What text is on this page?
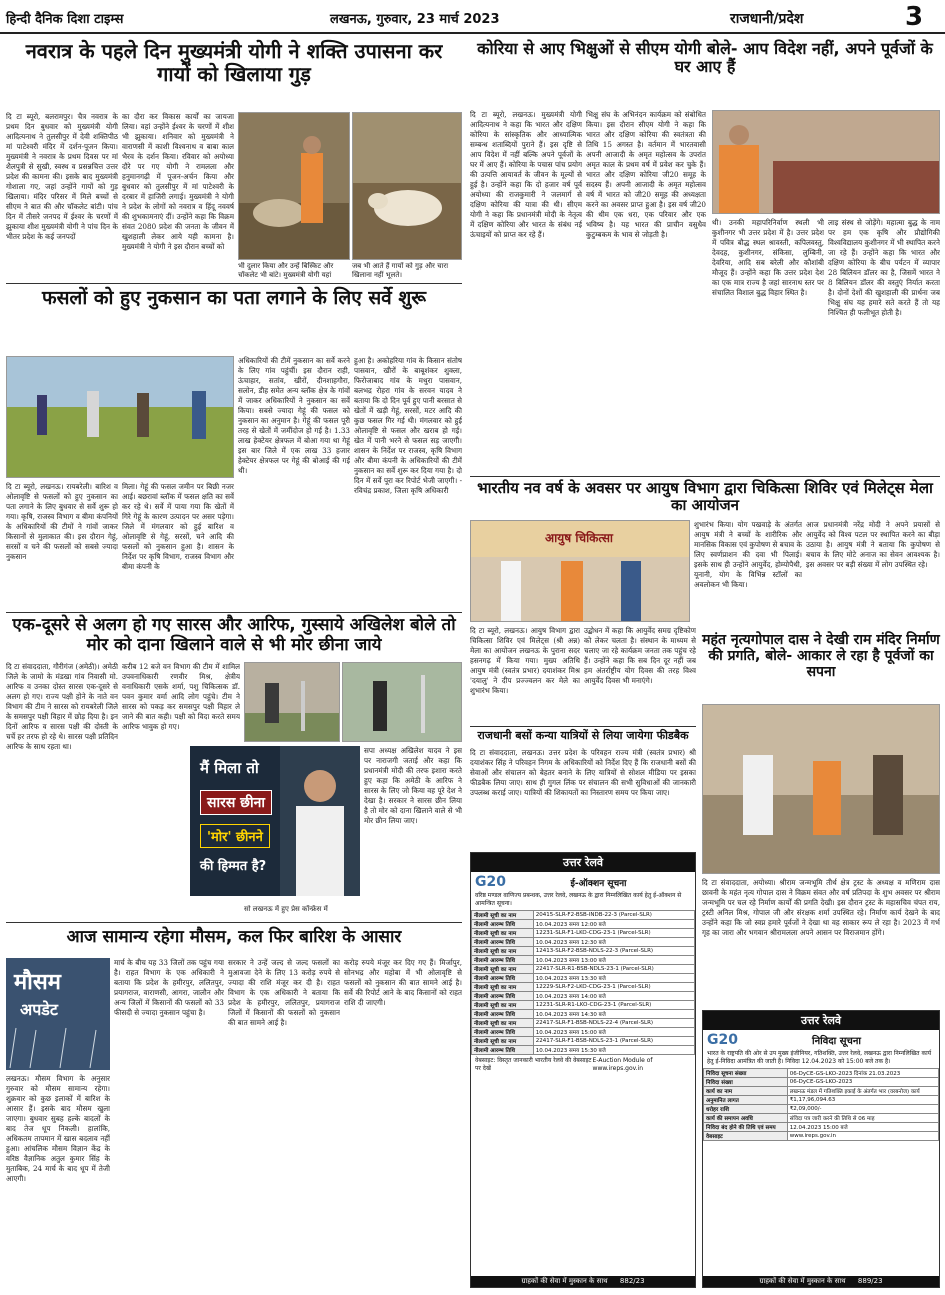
हिन्दी दैनिक दिशा टाइम्स	लखनऊ, गुरुवार, 23 मार्च 2023	राजधानी/प्रदेश	3
नवरात्र के पहले दिन मुख्यमंत्री योगी ने शक्ति उपासना कर गायों को खिलाया गुड़
दि टा ब्यूरो, बलरामपुर। चैत्र नवरात्र के प्रथम दिन बुधवार को मुख्यमंत्री योगी आदित्यनाथ ने तुलसीपुर में देवी शक्तिपीठ मां पाटेश्वरी मंदिर में दर्शन-पूजन किया। मुख्यमंत्री ने नवरात्र के प्रथम दिवस पर मां शैलपुत्री से सुखी, स्वस्थ व प्रसन्नचित्त उत्तर प्रदेश की कामना की। इसके बाद मुख्यमंत्री गोशाला गए, जहां उन्होंने गायों को गुड़ खिलाया। मंदिर परिसर में मिले बच्चों से सीएम ने बात की और चॉकलेट बांटी। पांच दिन में तीसरे जनपद में ईश्वर के चरणों में झुकाया शीश मुख्यमंत्री योगी ने पांच दिन के भीतर प्रदेश के कई जनपदों
का दौरा कर विकास कार्यों का जायजा लिया। वहां उन्होंने ईश्वर के चरणों में शीश भी झुकाया। शनिवार को मुख्यमंत्री ने वाराणसी में काशी विश्वनाथ व बाबा काल भैरव के दर्शन किया। रविवार को अयोध्या दौरे पर गए योगी ने रामलला और हनुमानगढ़ी में पूजन-अर्चन किया और बुधवार को तुलसीपुर में मां पाटेश्वरी के दरबार में हाजिरी लगाई। मुख्यमंत्री ने योगी ने प्रदेश के लोगों को नवरात्र व हिंदू नववर्ष की शुभकामनाएं दीं। उन्होंने कहा कि विक्रम संवत 2080 प्रदेश की जनता के जीवन में खुशहाली लेकर आये यही कामना है। मुख्यमंत्री ने योगी ने इस दौरान बच्चों को
भी दुलार किया और उन्हें बिस्किट और चॉकलेट भी बांटे। मुख्यमंत्री योगी यहां
जब भी आते हैं गायों को गुड़ और चारा खिलाना नहीं भूलते।
फसलों को हुए नुकसान का पता लगाने के लिए सर्वे शुरू
दि टा ब्यूरो, लखनऊ। रायबरेली। बारिश व ओलावृष्टि से फसलों को हुए नुकसान का पता लगाने के लिए बुधवार से सर्वे शुरू हो गया। कृषि, राजस्व विभाग व बीमा कंपनियों के अधिकारियों की टीमों ने गांवों जाकर किसानों से मुलाकात की। इस दौरान गेहूं, सरसों व चने की फसलों को सबसे ज्यादा नुकसान
मिला। गेहूं की फसल जमीन पर बिछी नजर आई। बछरावां ब्लॉक में फसल क्षति का सर्वे कर रहे थे। सर्वे में पाया गया कि खेतों में गिरे गेहूं के कारण उत्पादन पर असर पड़ेगा। जिले में मंगलवार को हुई बारिश व ओलावृष्टि से गेहूं, सरसों, चने आदि की फसलों को नुकसान हुआ है। शासन के निर्देश पर कृषि विभाग, राजस्व विभाग और बीमा कंपनी के
अधिकारियों की टीमें नुकसान का सर्वे करने के लिए गांव पहुंचीं। इस दौरान राही, ऊंचाहार, सतांव, खीरों, दीनशाहगौरा, सलोन, डीह समेत अन्य ब्लॉक क्षेत्र के गांवों में जाकर अधिकारियों ने नुकसान का सर्वे किया। सबसे ज्यादा गेहूं की फसल को नुकसान का अनुमान है। गेहूं की फसल पूरी तरह से खेतों में जमींदोज हो गई है। 1.33 लाख हेक्टेयर क्षेत्रफल में बोआ गया था गेहूं इस बार जिले में एक लाख 33 हजार हेक्टेयर क्षेत्रफल पर गेहूं की बोआई की गई थी।
हुआ है। अकोहरिया गांव के किसान संतोष पासवान, खीरों के बाबूशंकर शुक्ला, फिरोजाबाद गांव के मथुरा पासवान, बलभद्र रोहरा गांव के सरवन यादव ने बताया कि दो दिन पूर्व हुए पानी बरसात से खेतों में खड़ी गेहूं, सरसों, मटर आदि की कुछ फसल गिर गई थी। मंगलवार को हुई ओलावृष्टि से फसल और खराब हो गई। खेत में पानी भरने से फसल सड़ जाएगी। शासन के निर्देश पर राजस्व, कृषि विभाग और बीमा कंपनी के अधिकारियों की टीमें नुकसान का सर्वे शुरू कर दिया गया है। दो दिन में सर्वे पूरा कर रिपोर्ट भेजी जाएगी। - रविचंद्र प्रकाश, जिला कृषि अधिकारी
एक-दूसरे से अलग हो गए सारस और आरिफ, गुस्साये अखिलेश बोले तो मोर को दाना खिलाने वाले से भी मोर छीना जाये
दि टा संवाददाता, गौरीगंज (अमेठी)। अमेठी जिले के जामो के मंडखा गांव निवासी मो. आरिफ व उनका दोस्त सारस एक-दूसरे से अलग हो गए। राज्य पक्षी होने के नाते वन विभाग की टीम ने सारस को रायबरेली जिले के समसपुर पक्षी विहार में छोड़ दिया है। इन दिनों आरिफ व सारस पक्षी की दोस्ती के चर्चे हर तरफ हो रहे थे। सारस पक्षी प्रतिदिन आरिफ के साथ रहता था।
करीब 12 बजे वन विभाग की टीम में शामिल उपवनाधिकारी रणवीर मिश्र, क्षेत्रीय वनाधिकारी एसके शर्मा, पशु चिकित्सक डॉ. पवन कुमार वर्मा आदि लोग पहुंचे। टीम ने सारस को पकड़ कर समसपुर पक्षी विहार ले जाने की बात कही। पक्षी को विदा करते समय आरिफ भावुक हो गए।
मैं मिला तो
सारस छीना
'मोर' छीनने
की हिम्मत है?
सपा अध्यक्ष अखिलेश यादव ने इस पर नाराजगी जताई और कहा कि प्रधानमंत्री मोदी की तरफ इशारा करते हुए कहा कि अमेठी के आरिफ ने सारस के लिए जो किया वह पूरे देश ने देखा है। सरकार ने सारस छीन लिया है तो मोर को दाना खिलाने वाले से भी मोर छीन लिया जाए।
सो लखनऊ में हुए प्रेस कॉन्फ्रेंस में
आज सामान्य रहेगा मौसम, कल फिर बारिश के आसार
मौसम
अपडेट
लखनऊ। मौसम विभाग के अनुसार गुरुवार को मौसम सामान्य रहेगा। शुक्रवार को कुछ इलाकों में बारिश के आसार हैं। इसके बाद मौसम खुला जाएगा। बुधवार सुबह हल्के बादलों के बाद तेज धूप निकली। हालांकि, अधिकतम तापमान में खास बदलाव नहीं हुआ। आंचलिक मौसम विज्ञान केंद्र के वरिष्ठ वैज्ञानिक अतुल कुमार सिंह के मुताबिक, 24 मार्च के बाद धूप में तेजी आएगी।
मार्च के बीच यह 33 जिलों तक पहुंच गया है। राहत विभाग के एक अधिकारी ने बताया कि प्रदेश के हमीरपुर, ललितपुर, प्रयागराज, वाराणसी, आगरा, जालौन और अन्य जिलों में किसानों की फसलों को 33 फीसदी से ज्यादा नुकसान पहुंचा है।
सरकार ने उन्हें जल्द से जल्द फसलों का मुआवजा देने के लिए 13 करोड़ रुपये से ज्यादा की राशि मंजूर कर दी है। राहत विभाग के एक अधिकारी ने बताया कि प्रदेश के हमीरपुर, ललितपुर, प्रयागराज जिलों में किसानों की फसलों को नुकसान की बात सामने आई है।
करोड़ रुपये मंजूर कर दिए गए हैं। मिर्जापुर, सोनभद्र और महोबा में भी ओलावृष्टि से फसलों को नुकसान की बात सामने आई है। सर्वे की रिपोर्ट आने के बाद किसानों को राहत राशि दी जाएगी।
कोरिया से आए भिक्षुओं से सीएम योगी बोले- आप विदेश नहीं, अपने पूर्वजों के घर आए हैं
दि टा ब्यूरो, लखनऊ। मुख्यमंत्री योगी आदित्यनाथ ने कहा कि भारत और दक्षिण कोरिया के सांस्कृतिक और आध्यात्मिक सम्बन्ध शताब्दियों पुराने हैं। इस दृष्टि से आप विदेश में नहीं बल्कि अपने पूर्वजों के घर में आए हैं। कोरिया के पचास पांच प्रयोग की उत्पत्ति आयावर्त के जीवन के मूल्यों से हुई है। उन्होंने कहा कि दो हजार वर्ष पूर्व अयोध्या की राजकुमारी ने जलमार्ग से दक्षिण कोरिया की यात्रा की थी। सीएम योगी ने कहा कि प्रधानमंत्री मोदी के नेतृत्व में दक्षिण कोरिया और भारत के संबंध नई ऊंचाइयों को प्राप्त कर रहे हैं।
भिक्षु संघ के अभिनंदन कार्यक्रम को संबोधित किया। इस दौरान सीएम योगी ने कहा कि भारत और दक्षिण कोरिया की स्वतंत्रता की तिथि 15 अगस्त है। वर्तमान में भारतवासी अपनी आजादी के अमृत महोत्सव के उपरांत अमृत काल के प्रथम वर्ष में प्रवेश कर चुके हैं। भारत और दक्षिण कोरिया जी20 समूह के सदस्य हैं। अपनी आजादी के अमृत महोत्सव वर्ष में भारत को जी20 समूह की अध्यक्षता करने का अवसर प्राप्त हुआ है। इस वर्ष जी20 की थीम एक धरा, एक परिवार और एक भविष्य है। यह भारत की प्राचीन वसुधैव कुटुम्बकम के भाव से जोड़ती है।
थी। उनकी महापरिनिर्वाण स्थली भी कुशीनगर भी उत्तर प्रदेश में है। उत्तर प्रदेश में पवित्र बौद्ध स्थल श्रावस्ती, कपिलवस्तु, देवदह, कुशीनगर, संकिसा, लुम्बिनी, देवरिया, आदि सब बरेली और कौशांबी मौजूद हैं। उन्होंने कहा कि उत्तर प्रदेश देश का एक मात्र राज्य है जहां सारनाथ स्तर पर संचालित विशाल बुद्ध विहार स्थित है।
लाइ संस्थ से जोड़ेंगे। महात्मा बुद्ध के नाम पर हम एक कृषि और प्रौद्योगिकी विश्वविद्यालय कुशीनगर में भी स्थापित करने जा रहे हैं। उन्होंने कहा कि भारत और दक्षिण कोरिया के बीच पर्यटन में व्यापार 28 बिलियन डॉलर का है, जिसमें भारत ने 8 बिलियन डॉलर की वस्तुएं निर्यात करता है। दोनों देशों की खुशहाली की प्रार्थना जब भिक्षु संघ यह हमारे सते करते हैं तो यह निश्चित ही फलीभूत होती है।
भारतीय नव वर्ष के अवसर पर आयुष विभाग द्वारा चिकित्सा शिविर एवं मिलेट्स मेला का आयोजन
आयुष चिकित्सा
शुभारंभ किया। योग पखवाड़े के अंतर्गत आयुष मंत्री ने बच्चों के शारीरिक और मानसिक विकास एवं कुपोषण से बचाव के लिए स्वर्णप्राशन की दवा भी पिलाई। इसके साथ ही उन्होंने आयुर्वेद, होम्योपैथी, यूनानी, योग के विभिन्न स्टॉलों का अवलोकन भी किया।
आज प्रधानमंत्री नरेंद्र मोदी ने अपने प्रयासों से आयुर्वेद को विश्व पटल पर स्थापित करने का बीड़ा उठाया है। आयुष मंत्री ने बताया कि कुपोषण से बचाव के लिए मोटे अनाज का सेवन आवश्यक है। इस अवसर पर बड़ी संख्या में लोग उपस्थित रहे।
दि टा ब्यूरो, लखनऊ। आयुष विभाग द्वारा चिकित्सा शिविर एवं मिलेट्स (श्री अन्न) मेला का आयोजन लखनऊ के पुराना सदर हसनगढ़ में किया गया। मुख्य अतिथि आयुष मंत्री (स्वतंत्र प्रभार) दयाशंकर मिश्र 'दयालु' ने दीप प्रज्ज्वलन कर मेले का शुभारंभ किया।
उद्बोधन में कहा कि आयुर्वेद समग्र दृष्टिकोण को लेकर चलता है। संस्थान के माध्यम से चलाए जा रहे कार्यक्रम जनता तक पहुंच रहे हैं। उन्होंने कहा कि सब दिन दूर नहीं जब हम अंतर्राष्ट्रीय योग दिवस की तरह विश्व आयुर्वेद दिवस भी मनाएंगे।
राजधानी बसों कन्या यात्रियों से लिया जायेगा फीडबैक
दि टा संवाददाता, लखनऊ। उत्तर प्रदेश के परिवहन राज्य मंत्री (स्वतंत्र प्रभार) श्री दयाशंकर सिंह ने परिवहन निगम के अधिकारियों को निर्देश दिए हैं कि राजधानी बसों की सेवाओं और संचालन को बेहतर बनाने के लिए यात्रियों से सोशल मीडिया पर इसका फीडबैक लिया जाए। साथ ही गुगल लिंक पर संचालन की सभी सुविधाओं की जानकारी उपलब्ध कराई जाए। यात्रियों की शिकायतों का निस्तारण समय पर किया जाए।
महंत नृत्यगोपाल दास ने देखी राम मंदिर निर्माण की प्रगति, बोले- आकार ले रहा है पूर्वजों का सपना
दि टा संवाददाता, अयोध्या। श्रीराम जन्मभूमि तीर्थ क्षेत्र ट्रस्ट के अध्यक्ष व मणिराम दास छावनी के महंत नृत्य गोपाल दास ने विक्रम संवत और वर्ष प्रतिपदा के शुभ अवसर पर श्रीराम जन्मभूमि पर चल रहे निर्माण कार्यों की प्रगति देखी। इस दौरान ट्रस्ट के महासचिव चंपत राय, ट्रस्टी अनिल मिश्र, गोपाल जी और संरक्षक शर्मा उपस्थित रहे। निर्माण कार्य देखने के बाद उन्होंने कहा कि जो स्वप्न हमारे पूर्वजों ने देखा था वह साकार रूप ले रहा है। 2023 में गर्भ गृह का जारा और भगवान श्रीरामलला अपने आसन पर विराजमान होंगे।
उत्तर रेलवे
G20	ई-ऑक्शन सूचना
वरिष्ठ मण्डल वाणिज्य प्रबन्धक, उत्तर रेलवे, लखनऊ के द्वारा निम्नलिखित कार्य हेतु ई-ऑक्शन से आमन्त्रित सूचना।
नीलामी सूची का नाम	20415-SLR-F2-BSB-INDB-22-3 (Parcel-SLR)
नीलामी आरम्भ तिथि	10.04.2023 समय 12:00 बजे
नीलामी सूची का नाम	12231-SLR-F1-LKO-CDG-23-1 (Parcel-SLR)
नीलामी आरम्भ तिथि	10.04.2023 समय 12:30 बजे
नीलामी सूची का नाम	12413-SLR-F2-BSB-NDLS-22-3 (Parcel-SLR)
नीलामी आरम्भ तिथि	10.04.2023 समय 13:00 बजे
नीलामी सूची का नाम	22417-SLR-R1-BSB-NDLS-23-1 (Parcel-SLR)
नीलामी आरम्भ तिथि	10.04.2023 समय 13:30 बजे
नीलामी सूची का नाम	12229-SLR-F2-LKO-CDG-23-1 (Parcel-SLR)
नीलामी आरम्भ तिथि	10.04.2023 समय 14:00 बजे
नीलामी सूची का नाम	12231-SLR-R1-LKO-CDG-23-1 (Parcel-SLR)
नीलामी आरम्भ तिथि	10.04.2023 समय 14:30 बजे
नीलामी सूची का नाम	22417-SLR-F1-BSB-NDLS-22-4 (Parcel-SLR)
नीलामी आरम्भ तिथि	10.04.2023 समय 15:00 बजे
नीलामी सूची का नाम	22417-SLR-F1-BSB-NDLS-23-1 (Parcel-SLR)
नीलामी आरम्भ तिथि	10.04.2023 समय 15:30 बजे
वेबसाइट: विस्तृत जानकारी भारतीय रेलवे की वेबसाइट पर देखें
E-Auction Module of www.ireps.gov.in
ग्राहकों की सेवा में मुस्कान के साथ 882/23
उत्तर रेलवे
G20	निविदा सूचना
भारत के राष्ट्रपति की ओर से उप मुख्य इंजीनियर, गतिशक्ति, उत्तर रेलवे, लखनऊ द्वारा निम्नलिखित कार्य हेतु ई-निविदा आमंत्रित की जाती है। निविदा 12.04.2023 को 15:00 बजे तक है।
निविदा सूचना संख्या	06-DyCE-GS-LKO-2023 दिनांक 21.03.2023
निविदा संख्या	06-DyCE-GS-LKO-2023
कार्य का नाम	लखनऊ मंडल में गतिशक्ति इकाई के अंतर्गत भार (वरबनोज) कार्य
अनुमानित लागत	₹1,17,96,094.63
धरोहर राशि	₹2,09,000/-
कार्य की समापन अवधि	संविदा पत्र जारी करने की तिथि से 06 माह
निविदा बंद होने की तिथि एवं समय	12.04.2023 15:00 बजे
वेबसाइट	www.ireps.gov.in
ग्राहकों की सेवा में मुस्कान के साथ 889/23
